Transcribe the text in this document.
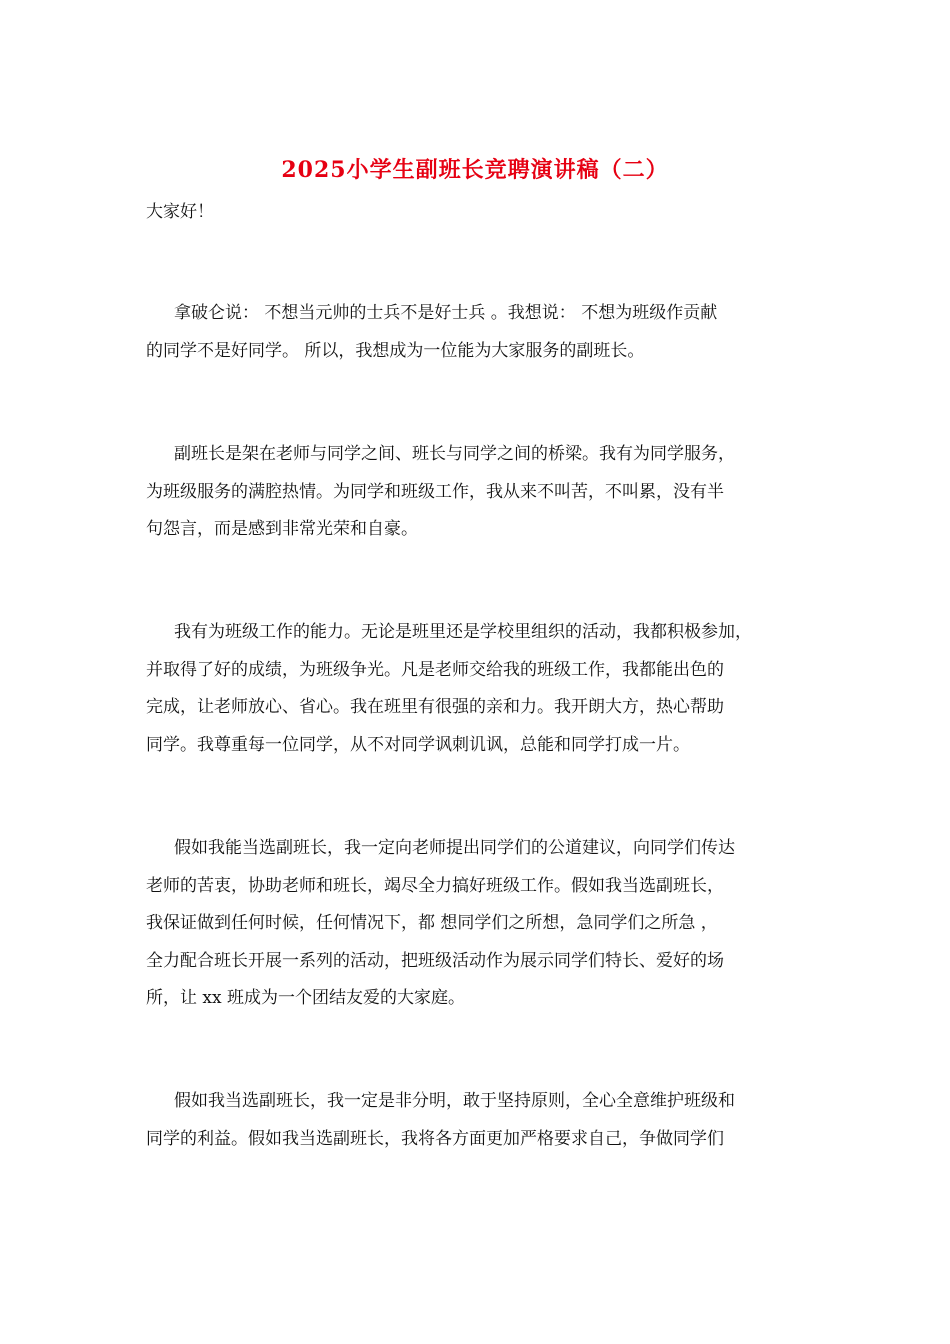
2025小学生副班长竞聘演讲稿（二）
大家好！
拿破仑说： 不想当元帅的士兵不是好士兵 。我想说： 不想为班级作贡献
的同学不是好同学。 所以，我想成为一位能为大家服务的副班长。
副班长是架在老师与同学之间、班长与同学之间的桥梁。我有为同学服务，
为班级服务的满腔热情。为同学和班级工作，我从来不叫苦，不叫累，没有半
句怨言，而是感到非常光荣和自豪。
我有为班级工作的能力。无论是班里还是学校里组织的活动，我都积极参加，
并取得了好的成绩，为班级争光。凡是老师交给我的班级工作，我都能出色的
完成，让老师放心、省心。我在班里有很强的亲和力。我开朗大方，热心帮助
同学。我尊重每一位同学，从不对同学讽刺讥讽，总能和同学打成一片。
假如我能当选副班长，我一定向老师提出同学们的公道建议，向同学们传达
老师的苦衷，协助老师和班长，竭尽全力搞好班级工作。假如我当选副班长，
我保证做到任何时候，任何情况下，都 想同学们之所想，急同学们之所急 ，
全力配合班长开展一系列的活动，把班级活动作为展示同学们特长、爱好的场
所，让 xx 班成为一个团结友爱的大家庭。
假如我当选副班长，我一定是非分明，敢于坚持原则，全心全意维护班级和
同学的利益。假如我当选副班长，我将各方面更加严格要求自己，争做同学们
